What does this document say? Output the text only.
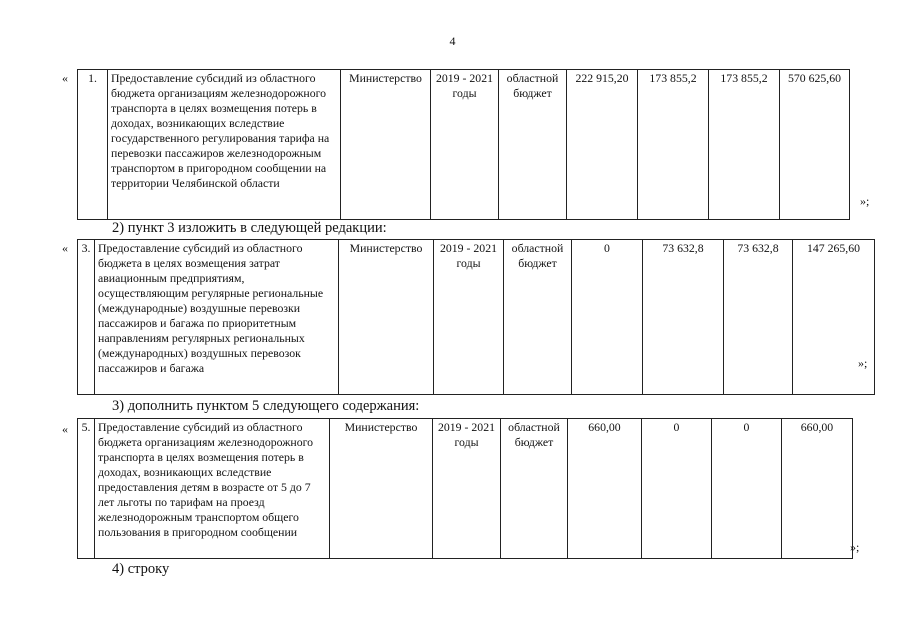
4
« 1.	Предоставление субсидий из областного бюджета организациям железнодорожного транспорта в целях возмещения потерь в доходах, возникающих вследствие государственного регулирования тарифа на перевозки пассажиров железнодорожным транспортом в пригородном сообщении на территории Челябинской области	Министерство	2019 - 2021 годы	областной бюджет	222 915,20	173 855,2	173 855,2	570 625,60
»;
2) пункт 3 изложить в следующей редакции:
« 3.	Предоставление субсидий из областного бюджета в целях возмещения затрат авиационным предприятиям, осуществляющим регулярные региональные (международные) воздушные перевозки пассажиров и багажа по приоритетным направлениям регулярных региональных (международных) воздушных перевозок пассажиров и багажа	Министерство	2019 - 2021 годы	областной бюджет	0	73 632,8	73 632,8	147 265,60
»;
3) дополнить пунктом 5 следующего содержания:
« 5.	Предоставление субсидий из областного бюджета организациям железнодорожного транспорта в целях возмещения потерь в доходах, возникающих вследствие предоставления детям в возрасте от 5 до 7 лет льготы по тарифам на проезд железнодорожным транспортом общего пользования в пригородном сообщении	Министерство	2019 - 2021 годы	областной бюджет	660,00	0	0	660,00
»;
4) строку
